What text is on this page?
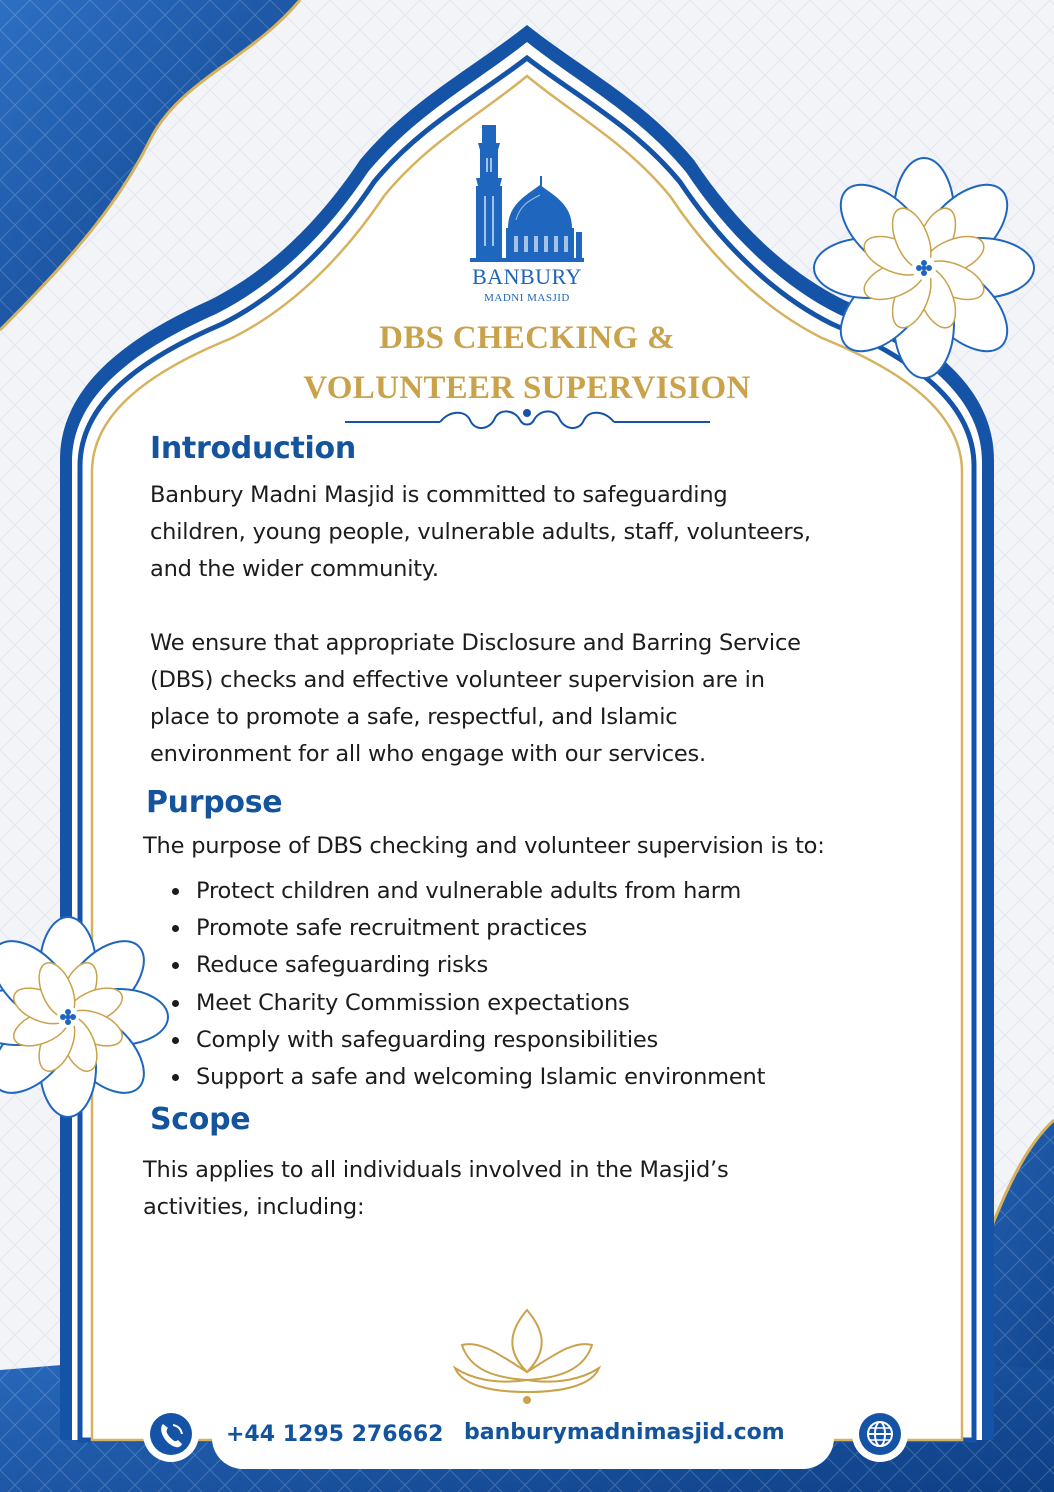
BANBURY
MADNI MASJID
DBS CHECKING &
VOLUNTEER SUPERVISION
Introduction

Banbury Madni Masjid is committed to safeguarding

children, young people, vulnerable adults, staff, volunteers,

and the wider community.

We ensure that appropriate Disclosure and Barring Service

(DBS) checks and effective volunteer supervision are in

place to promote a safe, respectful, and Islamic

environment for all who engage with our services.

Purpose

The purpose of DBS checking and volunteer supervision is to:

Protect children and vulnerable adults from harm
Promote safe recruitment practices
Reduce safeguarding risks
Meet Charity Commission expectations
Comply with safeguarding responsibilities
Support a safe and welcoming Islamic environment
Scope

This applies to all individuals involved in the Masjid’s

activities, including:

+44 1295 276662 banburymadnimasjid.com
